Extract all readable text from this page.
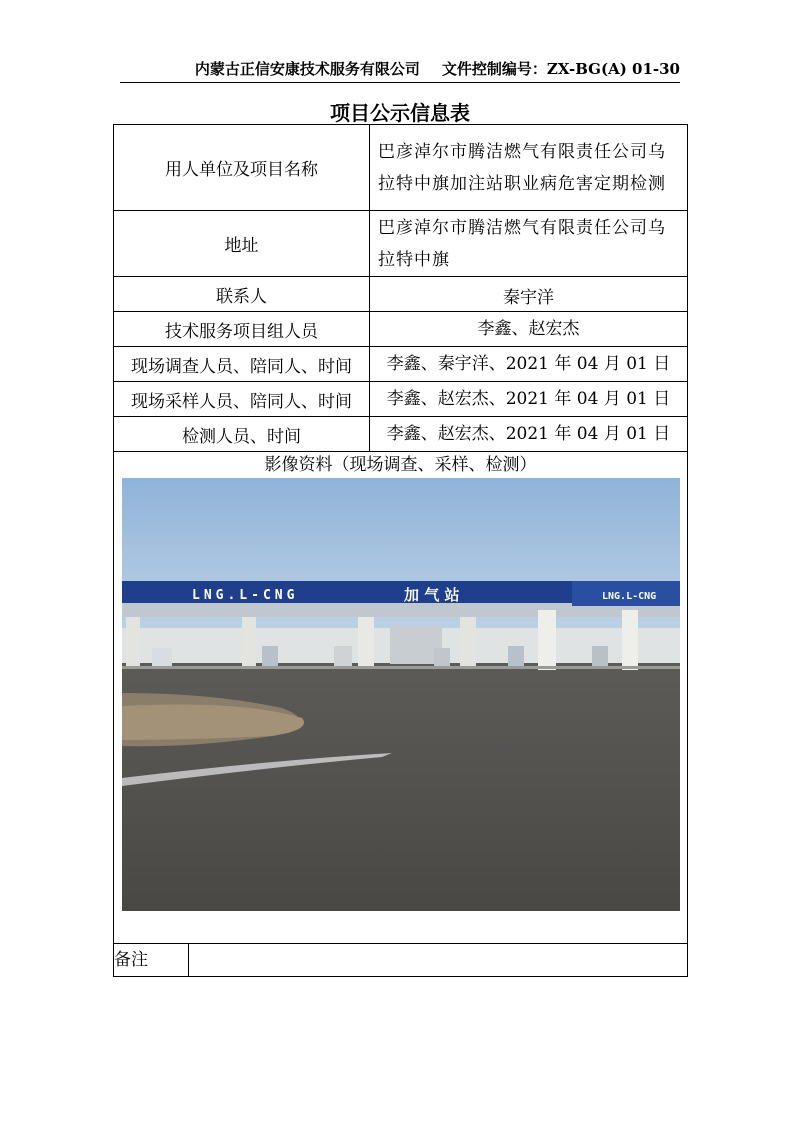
内蒙古正信安康技术服务有限公司 文件控制编号：ZX-BG(A) 01-30
项目公示信息表
用人单位及项目名称	巴彦淖尔市腾洁燃气有限责任公司乌拉特中旗加注站职业病危害定期检测
地址	巴彦淖尔市腾洁燃气有限责任公司乌拉特中旗
联系人	秦宇洋
技术服务项目组人员	李鑫、赵宏杰
现场调查人员、陪同人、时间	李鑫、秦宇洋、2021 年 04 月 01 日
现场采样人员、陪同人、时间	李鑫、赵宏杰、2021 年 04 月 01 日
检测人员、时间	李鑫、赵宏杰、2021 年 04 月 01 日

影像资料（现场调查、采样、检测）
LNG.L-CNG 加 气 站 LNG.L-CNG	

备注	
